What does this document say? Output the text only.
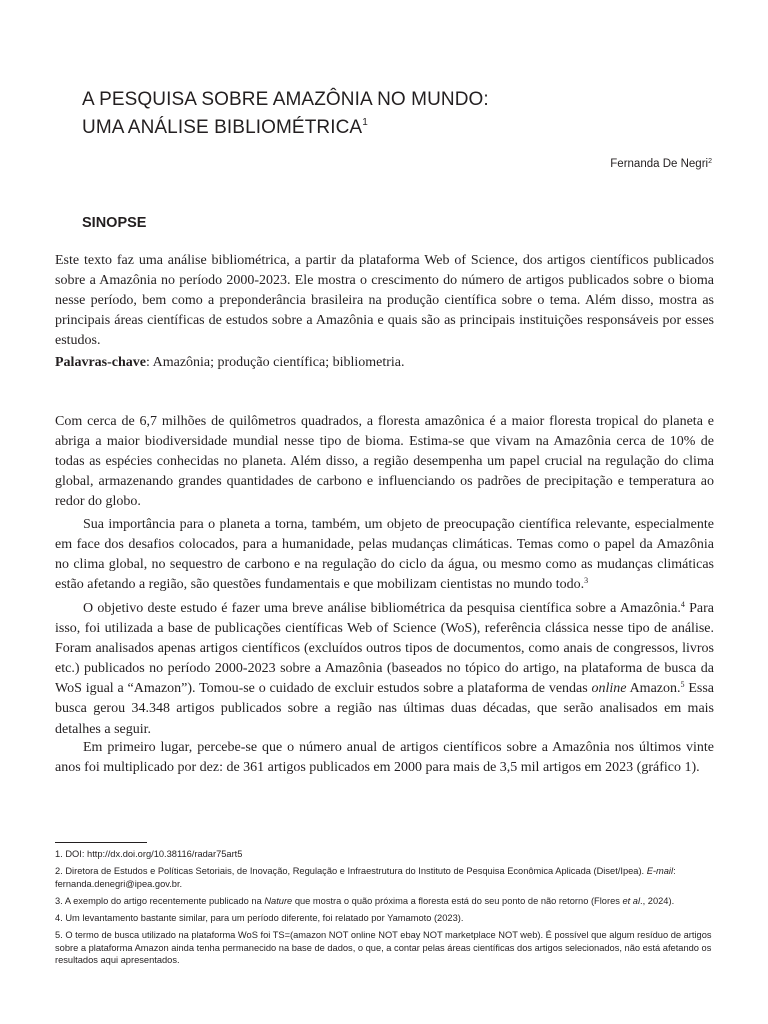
A PESQUISA SOBRE AMAZÔNIA NO MUNDO:
UMA ANÁLISE BIBLIOMÉTRICA$^1$
Fernanda De Negri$^2$
SINOPSE

Este texto faz uma análise bibliométrica, a partir da plataforma Web of Science, dos artigos científicos publicados sobre a Amazônia no período 2000-2023. Ele mostra o crescimento do número de artigos publicados sobre o bioma nesse período, bem como a preponderância brasileira na produção científica sobre o tema. Além disso, mostra as principais áreas científicas de estudos sobre a Amazônia e quais são as principais instituições responsáveis por esses estudos.

Palavras-chave: Amazônia; produção científica; bibliometria.

Com cerca de 6,7 milhões de quilômetros quadrados, a floresta amazônica é a maior floresta tropical do planeta e abriga a maior biodiversidade mundial nesse tipo de bioma. Estima-se que vivam na Amazônia cerca de 10% de todas as espécies conhecidas no planeta. Além disso, a região desempenha um papel crucial na regulação do clima global, armazenando grandes quantidades de carbono e influenciando os padrões de precipitação e temperatura ao redor do globo.

Sua importância para o planeta a torna, também, um objeto de preocupação científica relevante, especialmente em face dos desafios colocados, para a humanidade, pelas mudanças climáticas. Temas como o papel da Amazônia no clima global, no sequestro de carbono e na regulação do ciclo da água, ou mesmo como as mudanças climáticas estão afetando a região, são questões fundamentais e que mobilizam cientistas no mundo todo.$^3$

O objetivo deste estudo é fazer uma breve análise bibliométrica da pesquisa científica sobre a Amazônia.$^4$ Para isso, foi utilizada a base de publicações científicas Web of Science (WoS), referência clássica nesse tipo de análise. Foram analisados apenas artigos científicos (excluídos outros tipos de documentos, como anais de congressos, livros etc.) publicados no período 2000-2023 sobre a Amazônia (baseados no tópico do artigo, na plataforma de busca da WoS igual a “Amazon”). Tomou-se o cuidado de excluir estudos sobre a plataforma de vendas online Amazon.$^5$ Essa busca gerou 34.348 artigos publicados sobre a região nas últimas duas décadas, que serão analisados em mais detalhes a seguir.

Em primeiro lugar, percebe-se que o número anual de artigos científicos sobre a Amazônia nos últimos vinte anos foi multiplicado por dez: de 361 artigos publicados em 2000 para mais de 3,5 mil artigos em 2023 (gráfico 1).

1. DOI: http://dx.doi.org/10.38116/radar75art5

2. Diretora de Estudos e Políticas Setoriais, de Inovação, Regulação e Infraestrutura do Instituto de Pesquisa Econômica Aplicada (Diset/Ipea). E-mail: fernanda.denegri@ipea.gov.br.

3. A exemplo do artigo recentemente publicado na Nature que mostra o quão próxima a floresta está do seu ponto de não retorno (Flores et al., 2024).

4. Um levantamento bastante similar, para um período diferente, foi relatado por Yamamoto (2023).

5. O termo de busca utilizado na plataforma WoS foi TS=(amazon NOT online NOT ebay NOT marketplace NOT web). É possível que algum resíduo de artigos sobre a plataforma Amazon ainda tenha permanecido na base de dados, o que, a contar pelas áreas científicas dos artigos selecionados, não está afetando os resultados aqui apresentados.
